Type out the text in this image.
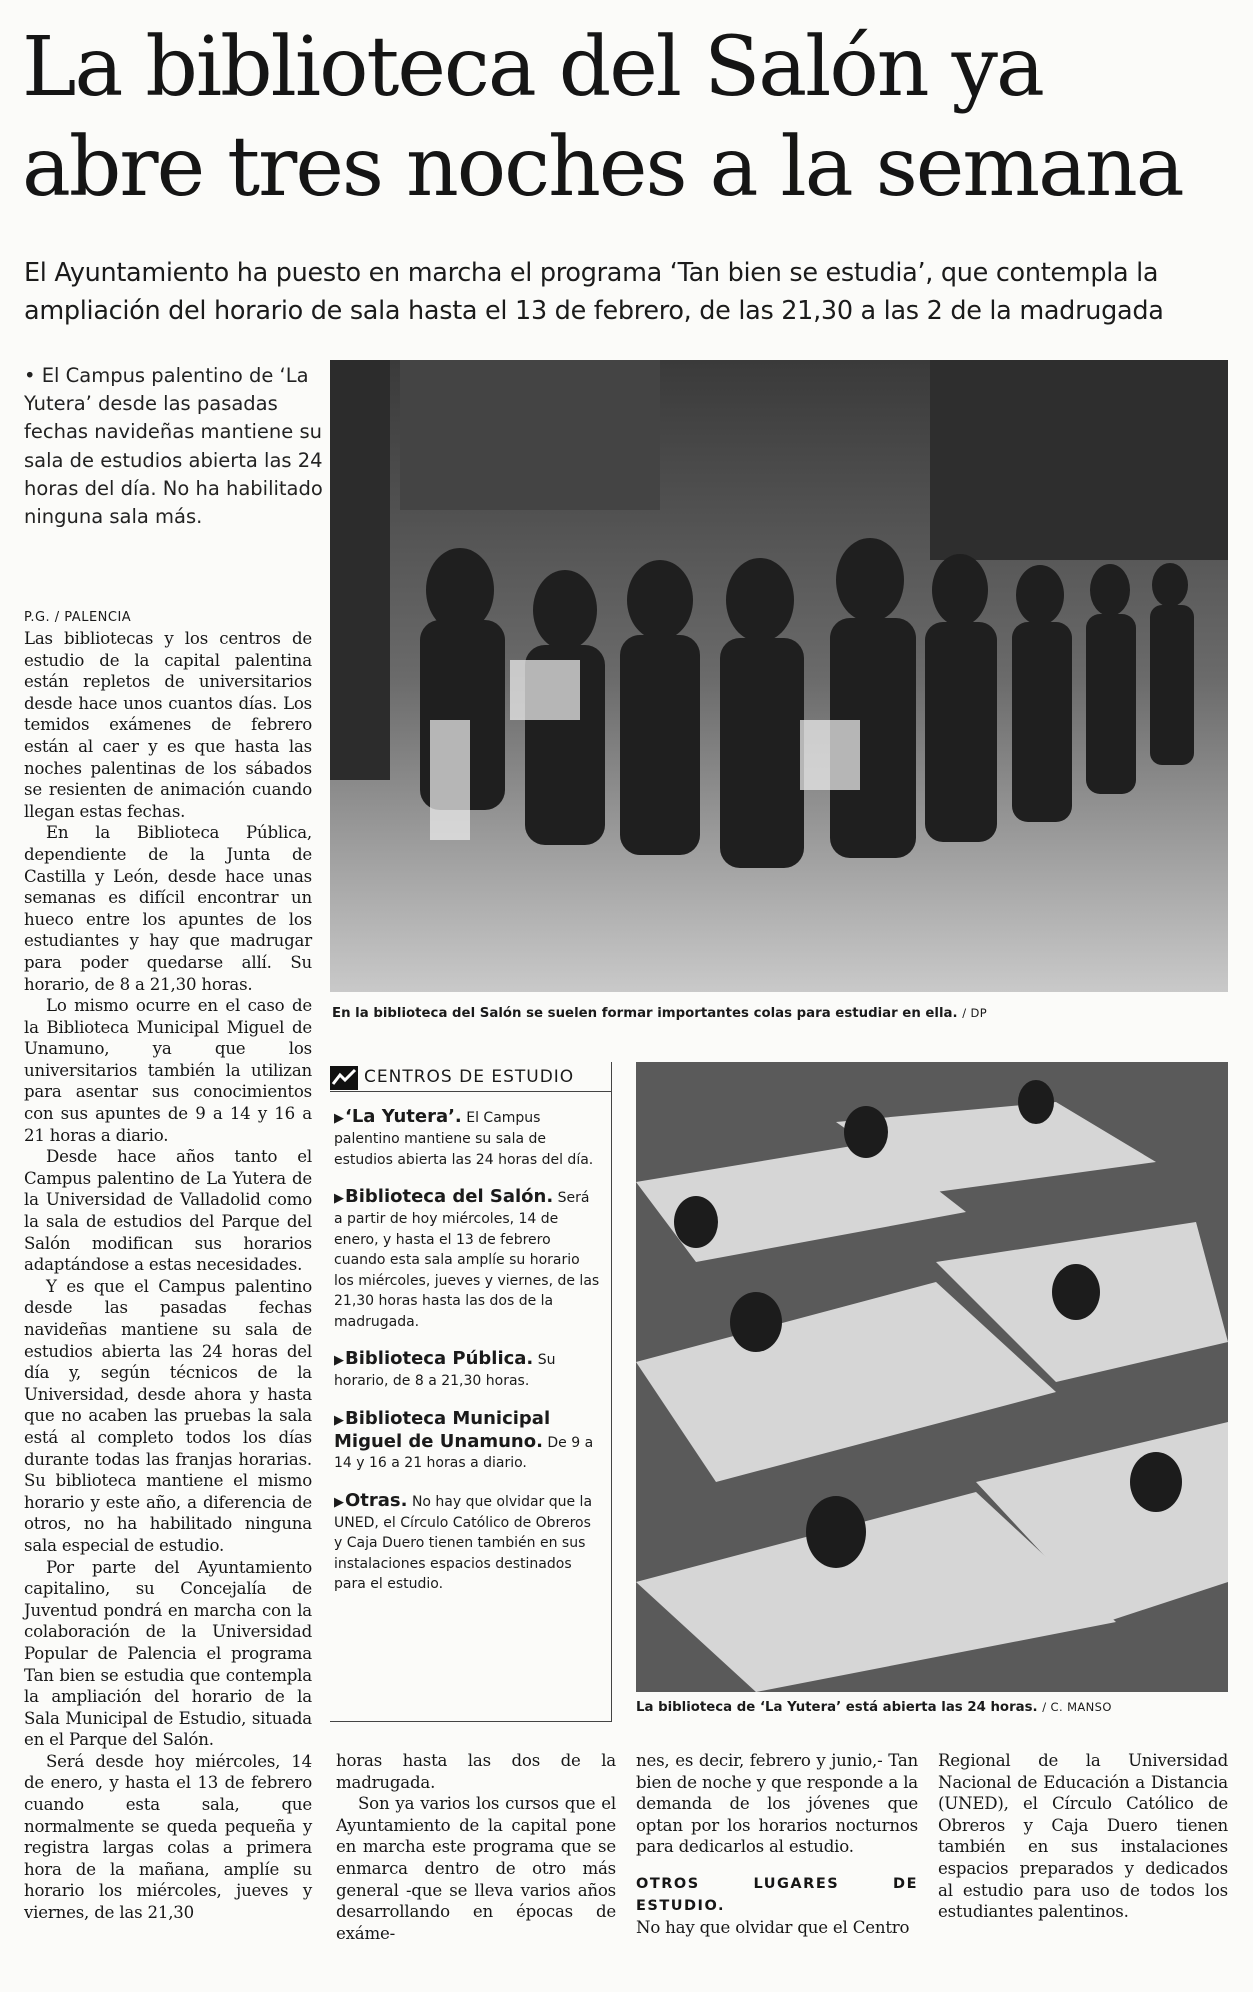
La biblioteca del Salón ya
abre tres noches a la semana
El Ayuntamiento ha puesto en marcha el programa ‘Tan bien se estudia’, que contempla la ampliación del horario de sala hasta el 13 de febrero, de las 21,30 a las 2 de la madrugada
• El Campus palentino de ‘La Yutera’ desde las pasadas fechas navideñas mantiene su sala de estudios abierta las 24 horas del día. No ha habilitado ninguna sala más.
P.G. / PALENCIA

Las bibliotecas y los centros de estudio de la capital palentina están repletos de universitarios desde hace unos cuantos días. Los temidos exámenes de febrero están al caer y es que hasta las noches palentinas de los sábados se resienten de animación cuando llegan estas fechas.

En la Biblioteca Pública, dependiente de la Junta de Castilla y León, desde hace unas semanas es difícil encontrar un hueco entre los apuntes de los estudiantes y hay que madrugar para poder quedarse allí. Su horario, de 8 a 21,30 horas.

Lo mismo ocurre en el caso de la Biblioteca Municipal Miguel de Unamuno, ya que los universitarios también la utilizan para asentar sus conocimientos con sus apuntes de 9 a 14 y 16 a 21 horas a diario.

Desde hace años tanto el Campus palentino de La Yutera de la Universidad de Valladolid como la sala de estudios del Parque del Salón modifican sus horarios adaptándose a estas necesidades.

Y es que el Campus palentino desde las pasadas fechas navideñas mantiene su sala de estudios abierta las 24 horas del día y, según técnicos de la Universidad, desde ahora y hasta que no acaben las pruebas la sala está al completo todos los días durante todas las franjas horarias. Su biblioteca mantiene el mismo horario y este año, a diferencia de otros, no ha habilitado ninguna sala especial de estudio.

Por parte del Ayuntamiento capitalino, su Concejalía de Juventud pondrá en marcha con la colaboración de la Universidad Popular de Palencia el programa Tan bien se estudia que contempla la ampliación del horario de la Sala Municipal de Estudio, situada en el Parque del Salón.

Será desde hoy miércoles, 14 de enero, y hasta el 13 de febrero cuando esta sala, que normalmente se queda pequeña y registra largas colas a primera hora de la mañana, amplíe su horario los miércoles, jueves y viernes, de las 21,30

En la biblioteca del Salón se suelen formar importantes colas para estudiar en ella. / DP
CENTROS DE ESTUDIO
▶‘La Yutera’. El Campus palentino mantiene su sala de estudios abierta las 24 horas del día.
▶Biblioteca del Salón. Será a partir de hoy miércoles, 14 de enero, y hasta el 13 de febrero cuando esta sala amplíe su horario los miércoles, jueves y viernes, de las 21,30 horas hasta las dos de la madrugada.
▶Biblioteca Pública. Su horario, de 8 a 21,30 horas.
▶Biblioteca Municipal Miguel de Unamuno. De 9 a 14 y 16 a 21 horas a diario.
▶Otras. No hay que olvidar que la UNED, el Círculo Católico de Obreros y Caja Duero tienen también en sus instalaciones espacios destinados para el estudio.
La biblioteca de ‘La Yutera’ está abierta las 24 horas. / C. MANSO

horas hasta las dos de la madrugada.

Son ya varios los cursos que el Ayuntamiento de la capital pone en marcha este programa que se enmarca dentro de otro más general -que se lleva varios años desarrollando en épocas de exáme-

nes, es decir, febrero y junio,- Tan bien de noche y que responde a la demanda de los jóvenes que optan por los horarios nocturnos para dedicarlos al estudio.

OTROS LUGARES DE ESTUDIO.

No hay que olvidar que el Centro

Regional de la Universidad Nacional de Educación a Distancia (UNED), el Círculo Católico de Obreros y Caja Duero tienen también en sus instalaciones espacios preparados y dedicados al estudio para uso de todos los estudiantes palentinos.
